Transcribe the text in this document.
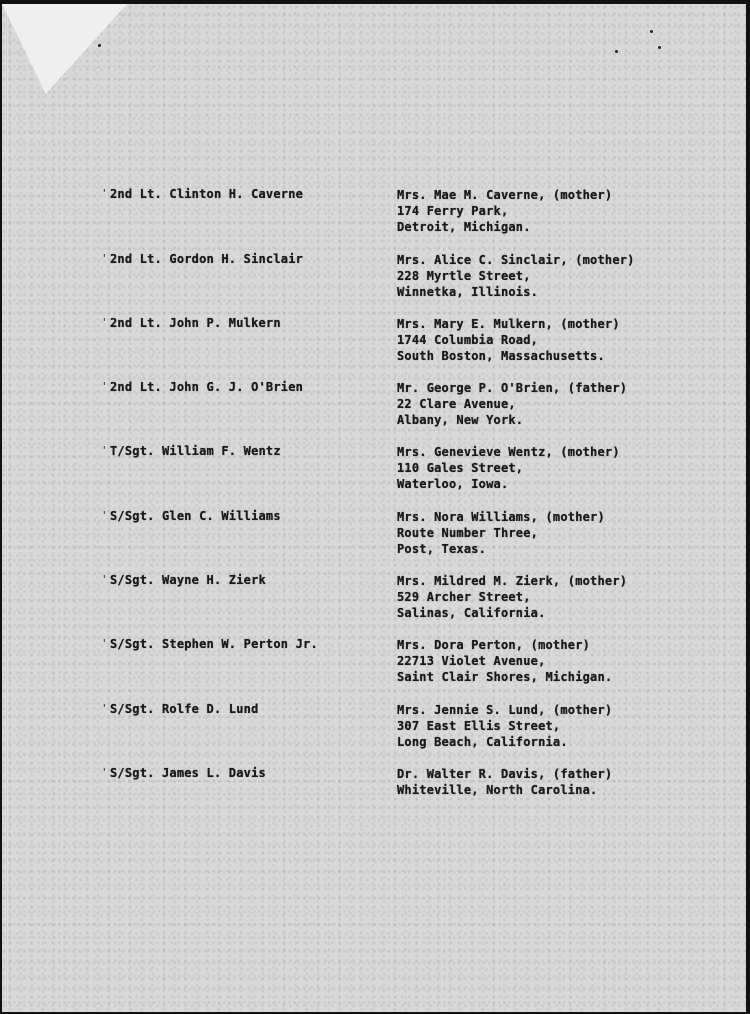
' 2nd Lt. Clinton H. Caverne	Mrs. Mae M. Caverne, (mother)
174 Ferry Park,
Detroit, Michigan.
' 2nd Lt. Gordon H. Sinclair	Mrs. Alice C. Sinclair, (mother)
228 Myrtle Street,
Winnetka, Illinois.
' 2nd Lt. John P. Mulkern	Mrs. Mary E. Mulkern, (mother)
1744 Columbia Road,
South Boston, Massachusetts.
' 2nd Lt. John G. J. O'Brien	Mr. George P. O'Brien, (father)
22 Clare Avenue,
Albany, New York.
' T/Sgt. William F. Wentz	Mrs. Genevieve Wentz, (mother)
110 Gales Street,
Waterloo, Iowa.
' S/Sgt. Glen C. Williams	Mrs. Nora Williams, (mother)
Route Number Three,
Post, Texas.
' S/Sgt. Wayne H. Zierk	Mrs. Mildred M. Zierk, (mother)
529 Archer Street,
Salinas, California.
' S/Sgt. Stephen W. Perton Jr.	Mrs. Dora Perton, (mother)
22713 Violet Avenue,
Saint Clair Shores, Michigan.
' S/Sgt. Rolfe D. Lund	Mrs. Jennie S. Lund, (mother)
307 East Ellis Street,
Long Beach, California.
' S/Sgt. James L. Davis	Dr. Walter R. Davis, (father)
Whiteville, North Carolina.
